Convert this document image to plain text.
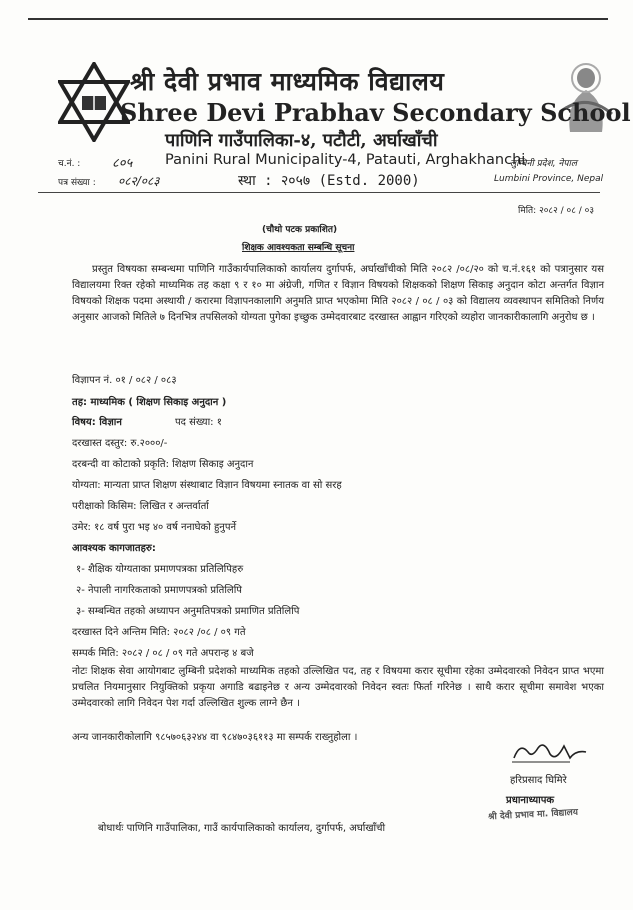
श्री देवी प्रभाव माध्यमिक विद्यालय
Shree Devi Prabhav Secondary School
पाणिनि गाउँपालिका-४, पटौटी, अर्घाखाँची
च.नं. : ८०५ Panini Rural Municipality-4, Patauti, Arghakhanchi
लुम्बिनी प्रदेश, नेपाल
पत्र संख्या : ०८२/०८३	स्था : २०५७ (Estd. 2000)	Lumbini Province, Nepal
मिति: २०८२ / ०८ / ०३
(चौथो पटक प्रकाशित)
शिक्षक आवश्यकता सम्बन्धि सूचना
प्रस्तुत विषयका सम्बन्धमा पाणिनि गाउँकार्यपालिकाको कार्यालय दुर्गापर्फ, अर्घाखाँचीको मिति २०८२ /०८/२० को च.नं.१६१ को पत्रानुसार यस विद्यालयमा रिक्त रहेको माध्यमिक तह कक्षा ९ र १० मा अंग्रेजी, गणित र विज्ञान विषयको शिक्षकको शिक्षण सिकाइ अनुदान कोटा अन्तर्गत विज्ञान विषयको शिक्षक पदमा अस्थायी / करारमा विज्ञापनकालागि अनुमति प्राप्त भएकोमा मिति २०८२ / ०८ / ०३ को विद्यालय व्यवस्थापन समितिको निर्णय अनुसार आजको मितिले ७ दिनभित्र तपसिलको योग्यता पुगेका इच्छुक उम्मेदवारबाट दरखास्त आह्वान गरिएको व्यहोरा जानकारीकालागि अनुरोध छ ।
विज्ञापन नं. ०१ / ०८२ / ०८३
तह: माध्यमिक ( शिक्षण सिकाइ अनुदान )
विषय: विज्ञान	पद संख्या: १
दरखास्त दस्तुर: रु.२०००/-
दरबन्दी वा कोटाको प्रकृति: शिक्षण सिकाइ अनुदान
योग्यता: मान्यता प्राप्त शिक्षण संस्थाबाट विज्ञान विषयमा स्नातक वा सो सरह
परीक्षाको किसिम: लिखित र अन्तर्वार्ता
उमेर: १८ वर्ष पुरा भइ ४० वर्ष ननाघेको हुनुपर्ने
आवश्यक कागजातहरु:
१- शैक्षिक योग्यताका प्रमाणपत्रका प्रतिलिपिहरु
२- नेपाली नागरिकताको प्रमाणपत्रको प्रतिलिपि
३- सम्बन्धित तहको अध्यापन अनुमतिपत्रको प्रमाणित प्रतिलिपि
दरखास्त दिने अन्तिम मिति: २०८२ /०८ / ०९ गते
सम्पर्क मिति: २०८२ / ०८ / ०९ गते अपरान्ह ४ बजे
नोटः शिक्षक सेवा आयोगबाट लुम्बिनी प्रदेशको माध्यमिक तहको उल्लिखित पद, तह र विषयमा करार सूचीमा रहेका उम्मेदवारको निवेदन प्राप्त भएमा प्रचलित नियमानुसार नियुक्तिको प्रकृया अगाडि बढाइनेछ र अन्य उम्मेदवारको निवेदन स्वतः फिर्ता गरिनेछ । साथै करार सूचीमा समावेश भएका उम्मेदवारको लागि निवेदन पेश गर्दा उल्लिखित शुल्क लाग्ने छैन ।
अन्य जानकारीकोलागि ९८५७०६३२४४ वा ९८४७०३६११३ मा सम्पर्क राख्नुहोला ।
हरिप्रसाद घिमिरे
प्रधानाध्यापक
श्री देवी प्रभाव मा. विद्यालय
बोधार्थः पाणिनि गाउँपालिका, गाउँ कार्यपालिकाको कार्यालय, दुर्गापर्फ, अर्घाखाँची
